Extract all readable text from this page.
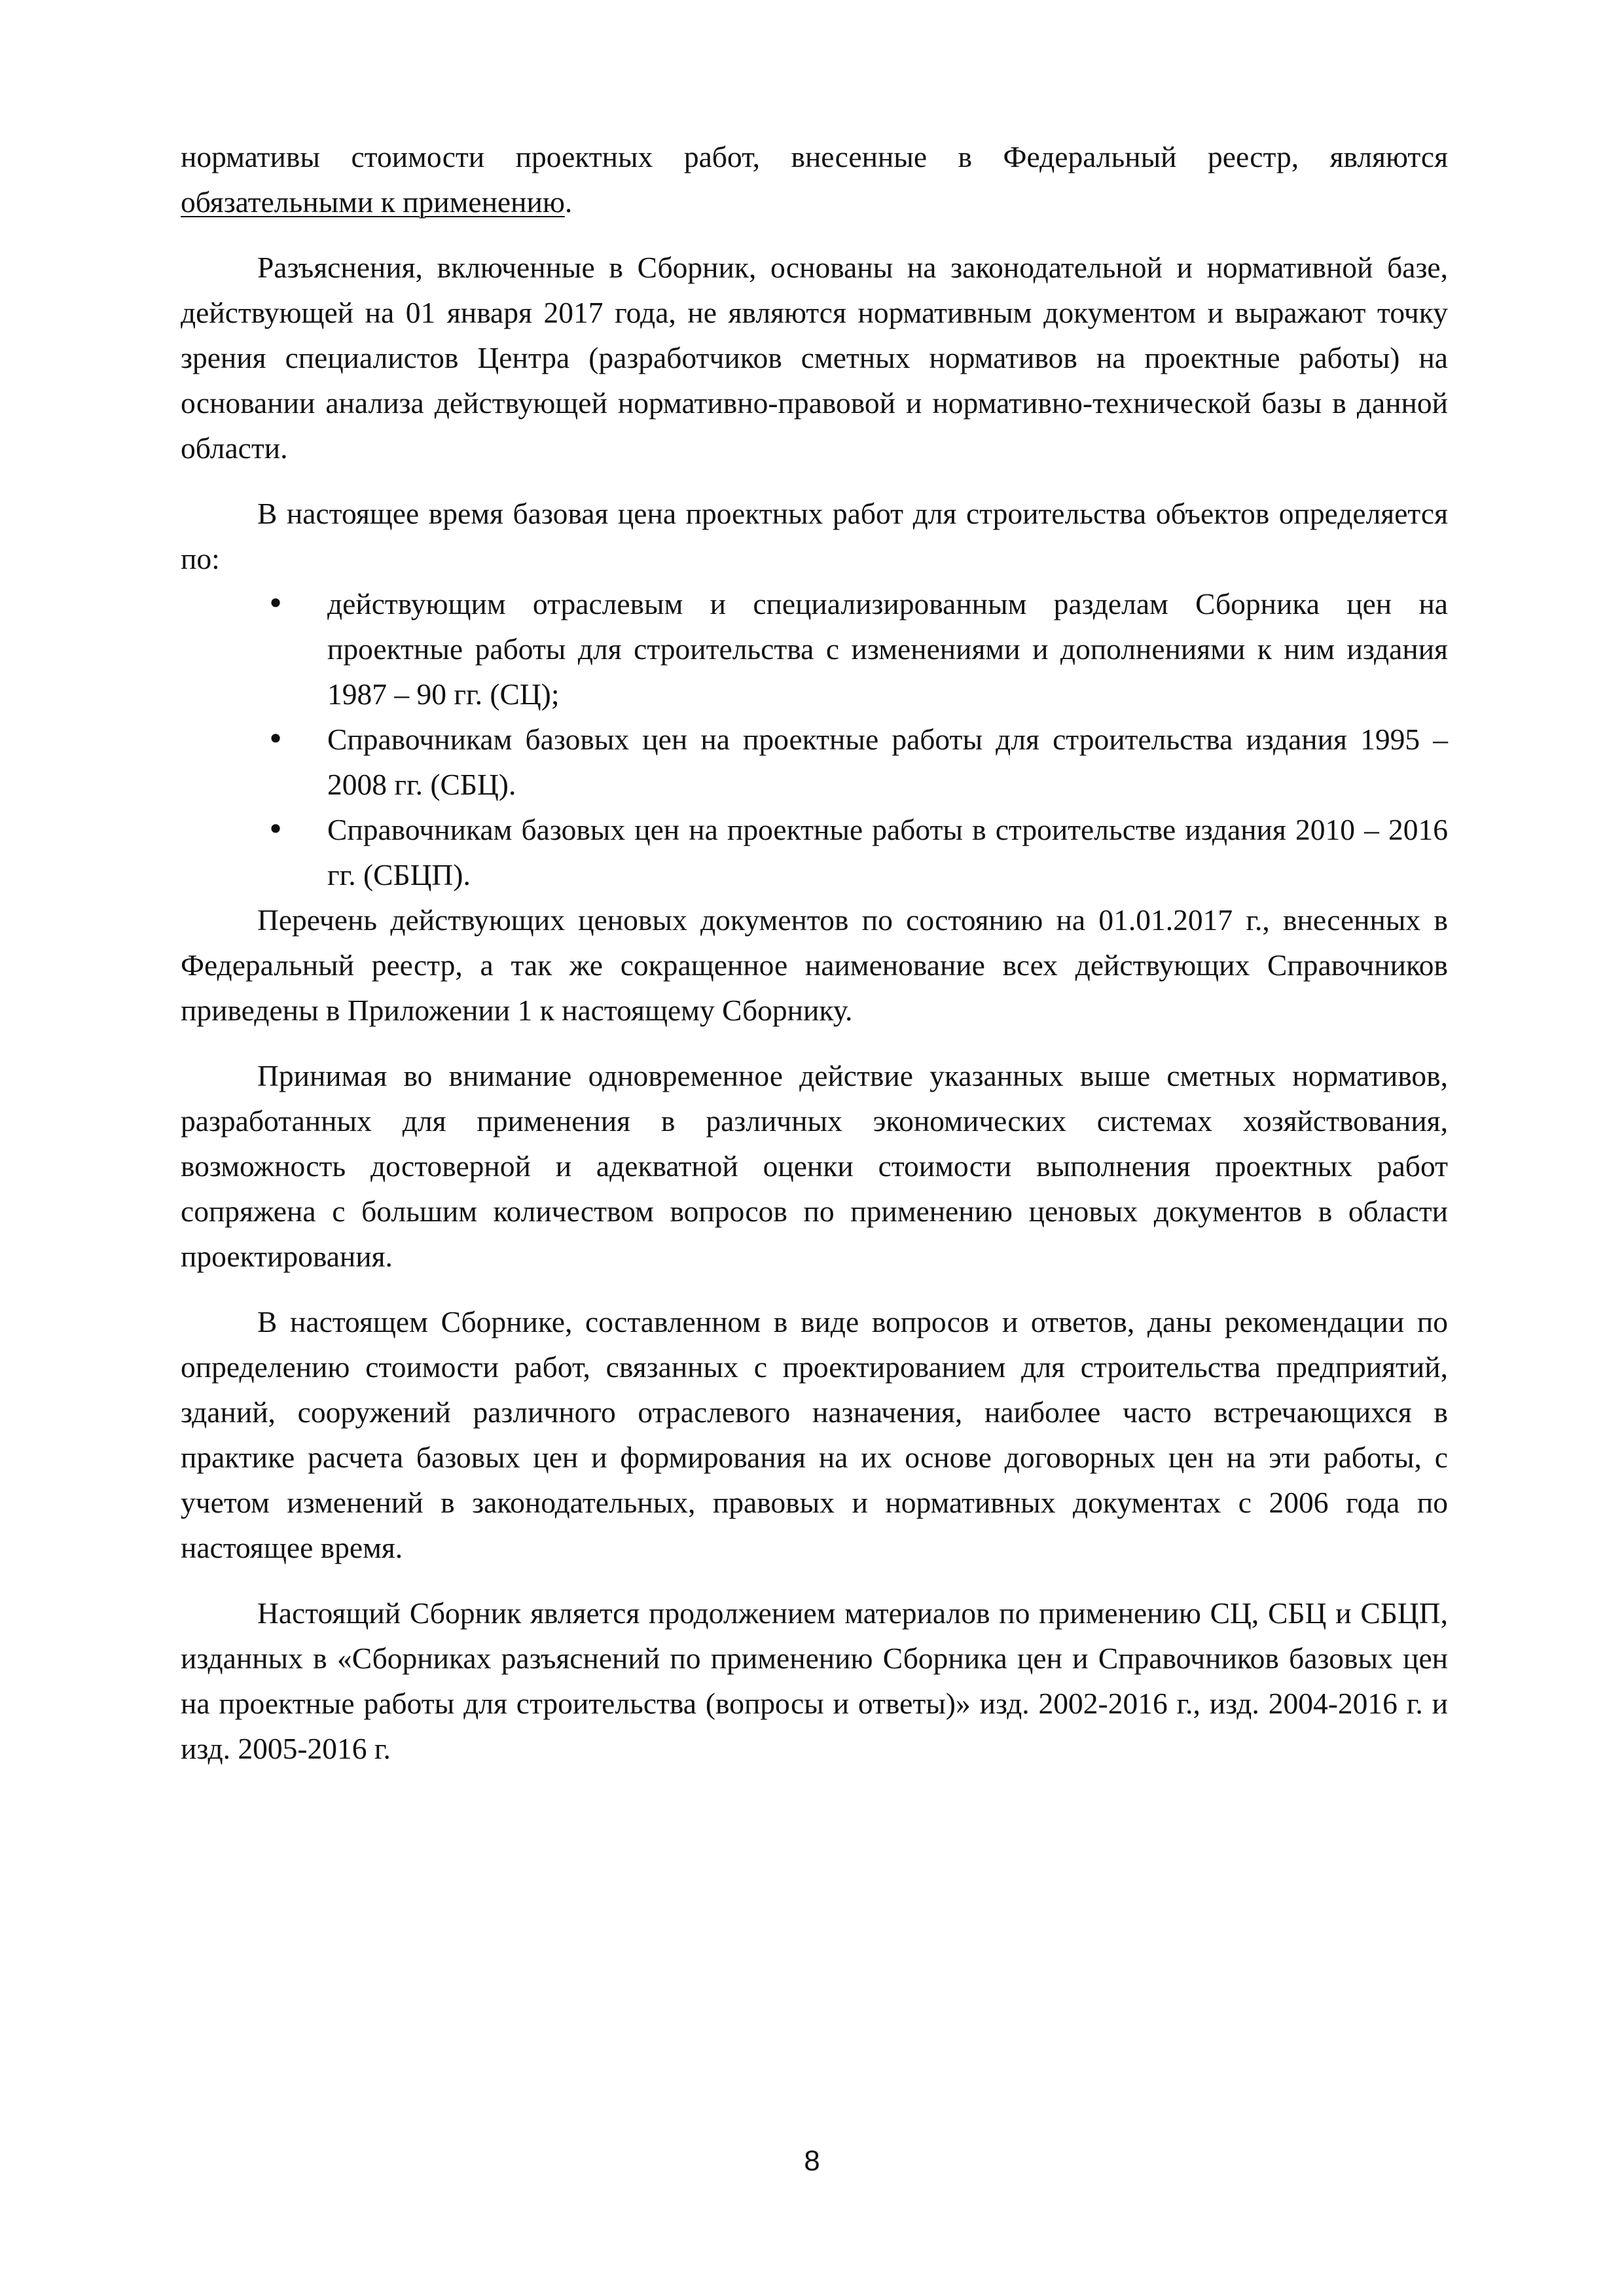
нормативы стоимости проектных работ, внесенные в Федеральный реестр, являются обязательными к применению.

Разъяснения, включенные в Сборник, основаны на законодательной и нормативной базе, действующей на 01 января 2017 года, не являются нормативным документом и выражают точку зрения специалистов Центра (разработчиков сметных нормативов на проектные работы) на основании анализа действующей нормативно-правовой и нормативно-технической базы в данной области.

В настоящее время базовая цена проектных работ для строительства объектов определяется по:

• действующим отраслевым и специализированным разделам Сборника цен на проектные работы для строительства с изменениями и дополнениями к ним издания 1987 – 90 гг. (СЦ);
• Справочникам базовых цен на проектные работы для строительства издания 1995 – 2008 гг. (СБЦ).
• Справочникам базовых цен на проектные работы в строительстве издания 2010 – 2016 гг. (СБЦП).

Перечень действующих ценовых документов по состоянию на 01.01.2017 г., внесенных в Федеральный реестр, а так же сокращенное наименование всех действующих Справочников приведены в Приложении 1 к настоящему Сборнику.

Принимая во внимание одновременное действие указанных выше сметных нормативов, разработанных для применения в различных экономических системах хозяйствования, возможность достоверной и адекватной оценки стоимости выполнения проектных работ сопряжена с большим количеством вопросов по применению ценовых документов в области проектирования.

В настоящем Сборнике, составленном в виде вопросов и ответов, даны рекомендации по определению стоимости работ, связанных с проектированием для строительства предприятий, зданий, сооружений различного отраслевого назначения, наиболее часто встречающихся в практике расчета базовых цен и формирования на их основе договорных цен на эти работы, с учетом изменений в законодательных, правовых и нормативных документах с 2006 года по настоящее время.

Настоящий Сборник является продолжением материалов по применению СЦ, СБЦ и СБЦП, изданных в «Сборниках разъяснений по применению Сборника цен и Справочников базовых цен на проектные работы для строительства (вопросы и ответы)» изд. 2002-2016 г., изд. 2004-2016 г. и изд. 2005-2016 г.

8
